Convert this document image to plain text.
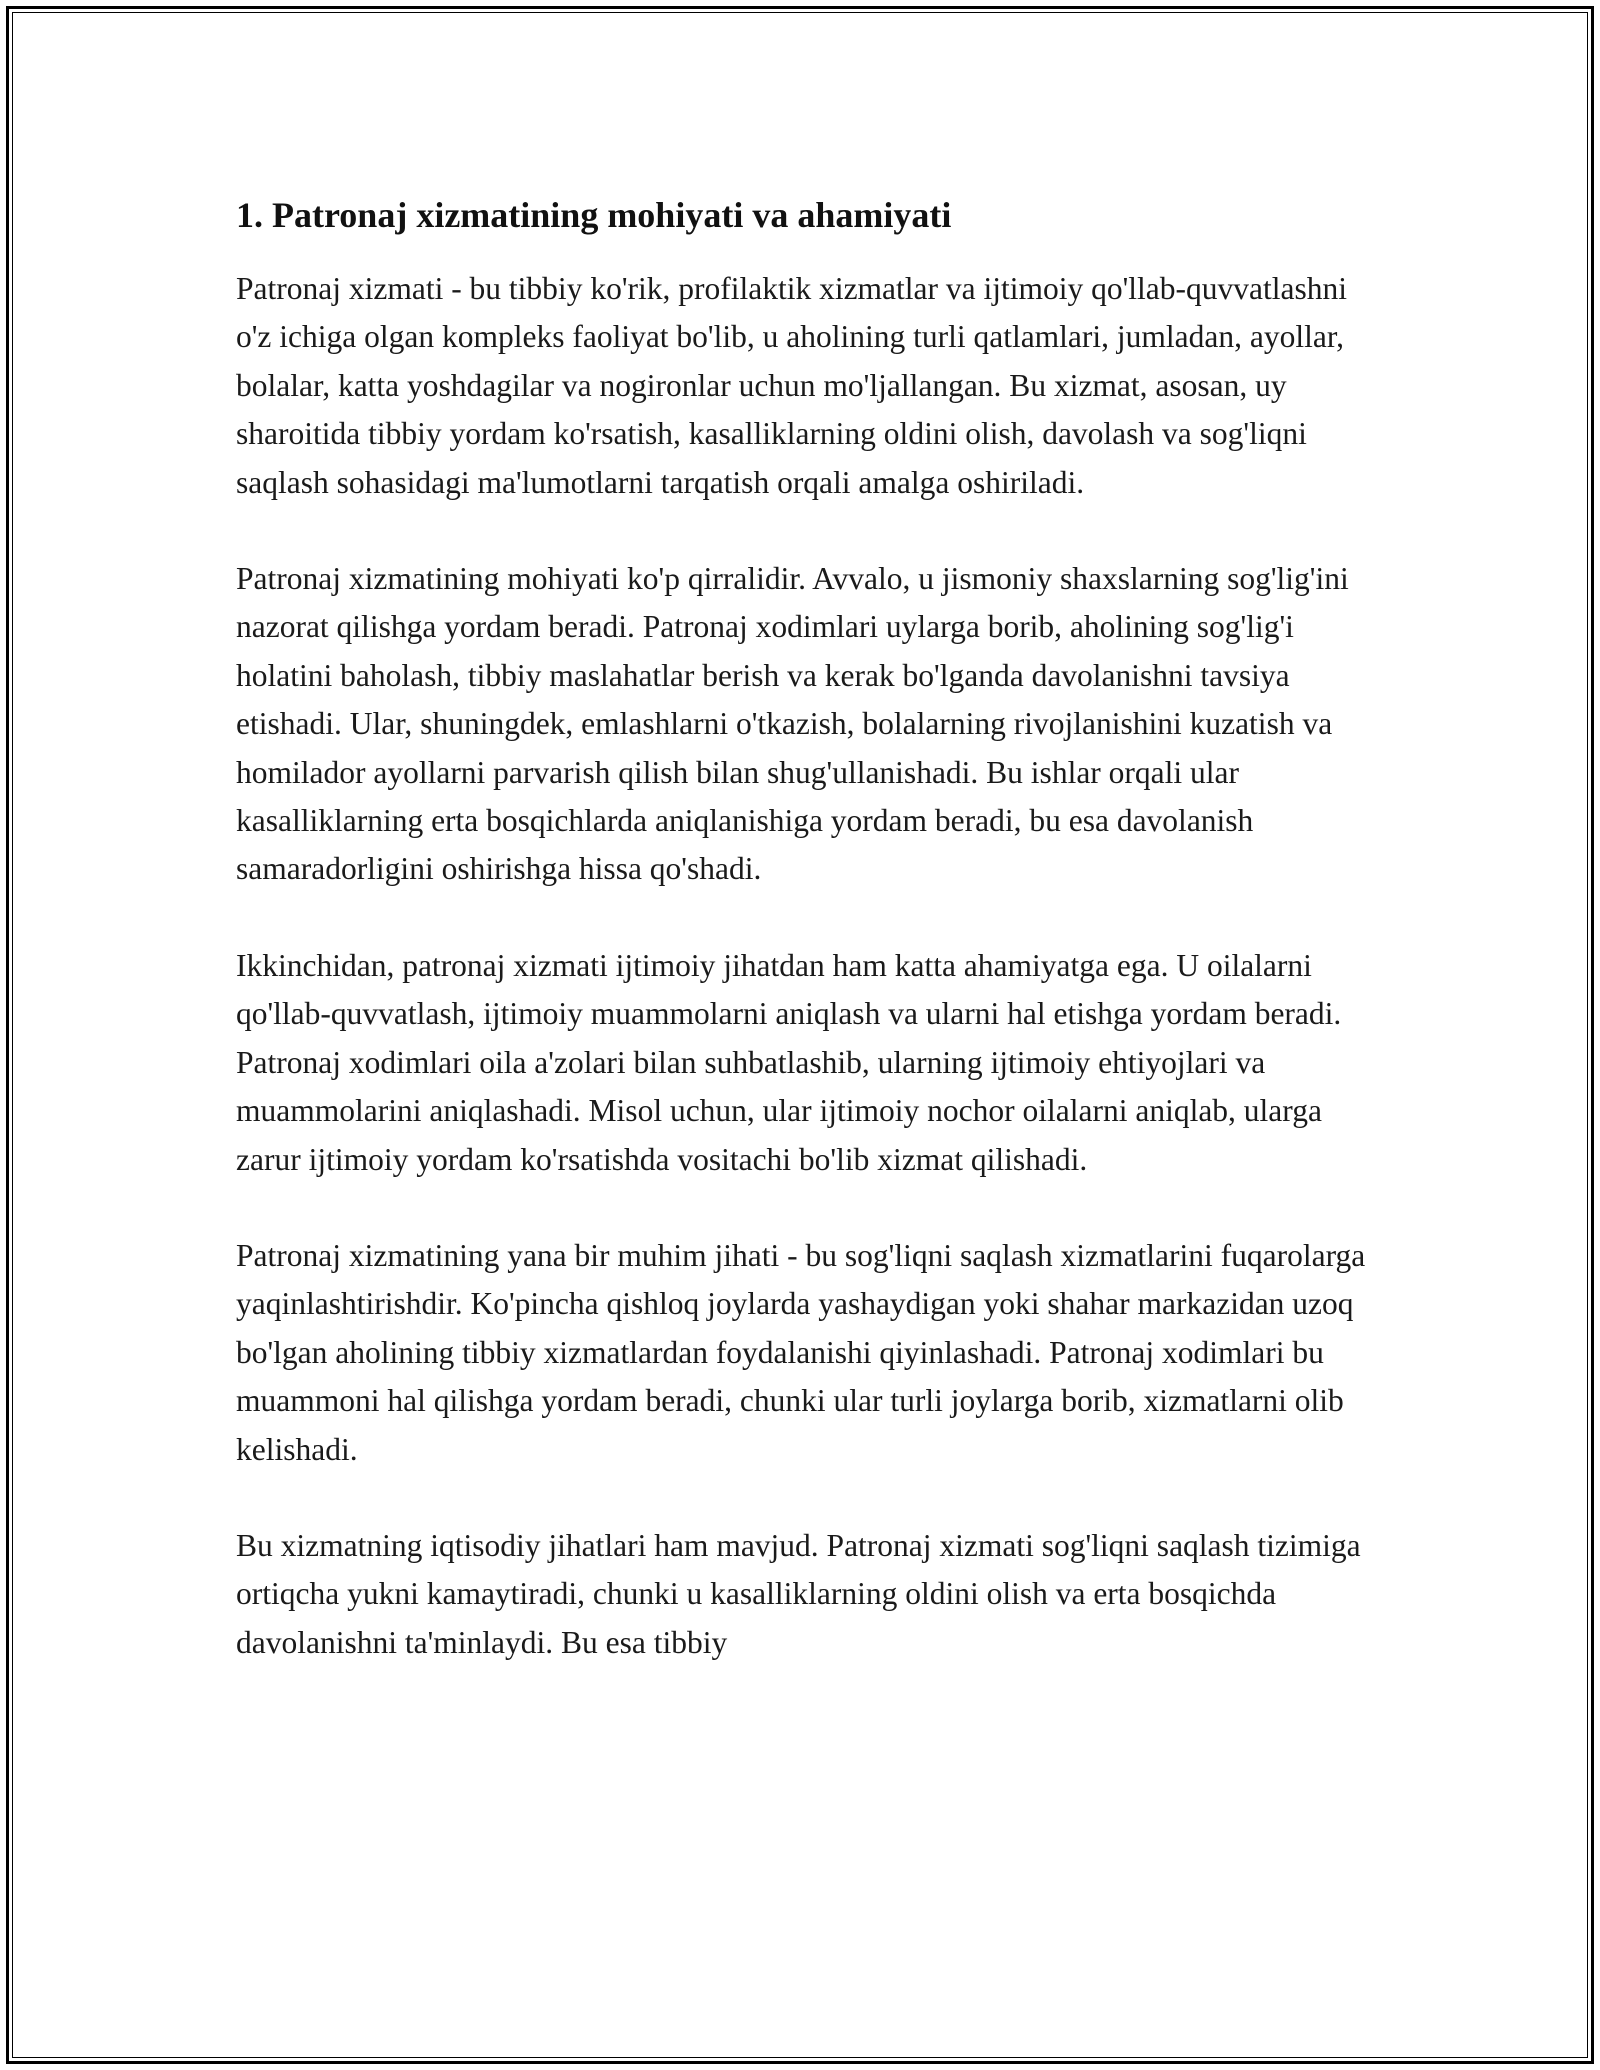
1. Patronaj xizmatining mohiyati va ahamiyati

Patronaj xizmati - bu tibbiy ko'rik, profilaktik xizmatlar va ijtimoiy qo'llab-quvvatlashni o'z ichiga olgan kompleks faoliyat bo'lib, u aholining turli qatlamlari, jumladan, ayollar, bolalar, katta yoshdagilar va nogironlar uchun mo'ljallangan. Bu xizmat, asosan, uy sharoitida tibbiy yordam ko'rsatish, kasalliklarning oldini olish, davolash va sog'liqni saqlash sohasidagi ma'lumotlarni tarqatish orqali amalga oshiriladi.

Patronaj xizmatining mohiyati ko'p qirralidir. Avvalo, u jismoniy shaxslarning sog'lig'ini nazorat qilishga yordam beradi. Patronaj xodimlari uylarga borib, aholining sog'lig'i holatini baholash, tibbiy maslahatlar berish va kerak bo'lganda davolanishni tavsiya etishadi. Ular, shuningdek, emlashlarni o'tkazish, bolalarning rivojlanishini kuzatish va homilador ayollarni parvarish qilish bilan shug'ullanishadi. Bu ishlar orqali ular kasalliklarning erta bosqichlarda aniqlanishiga yordam beradi, bu esa davolanish samaradorligini oshirishga hissa qo'shadi.

Ikkinchidan, patronaj xizmati ijtimoiy jihatdan ham katta ahamiyatga ega. U oilalarni qo'llab-quvvatlash, ijtimoiy muammolarni aniqlash va ularni hal etishga yordam beradi. Patronaj xodimlari oila a'zolari bilan suhbatlashib, ularning ijtimoiy ehtiyojlari va muammolarini aniqlashadi. Misol uchun, ular ijtimoiy nochor oilalarni aniqlab, ularga zarur ijtimoiy yordam ko'rsatishda vositachi bo'lib xizmat qilishadi.

Patronaj xizmatining yana bir muhim jihati - bu sog'liqni saqlash xizmatlarini fuqarolarga yaqinlashtirishdir. Ko'pincha qishloq joylarda yashaydigan yoki shahar markazidan uzoq bo'lgan aholining tibbiy xizmatlardan foydalanishi qiyinlashadi. Patronaj xodimlari bu muammoni hal qilishga yordam beradi, chunki ular turli joylarga borib, xizmatlarni olib kelishadi.

Bu xizmatning iqtisodiy jihatlari ham mavjud. Patronaj xizmati sog'liqni saqlash tizimiga ortiqcha yukni kamaytiradi, chunki u kasalliklarning oldini olish va erta bosqichda davolanishni ta'minlaydi. Bu esa tibbiy
